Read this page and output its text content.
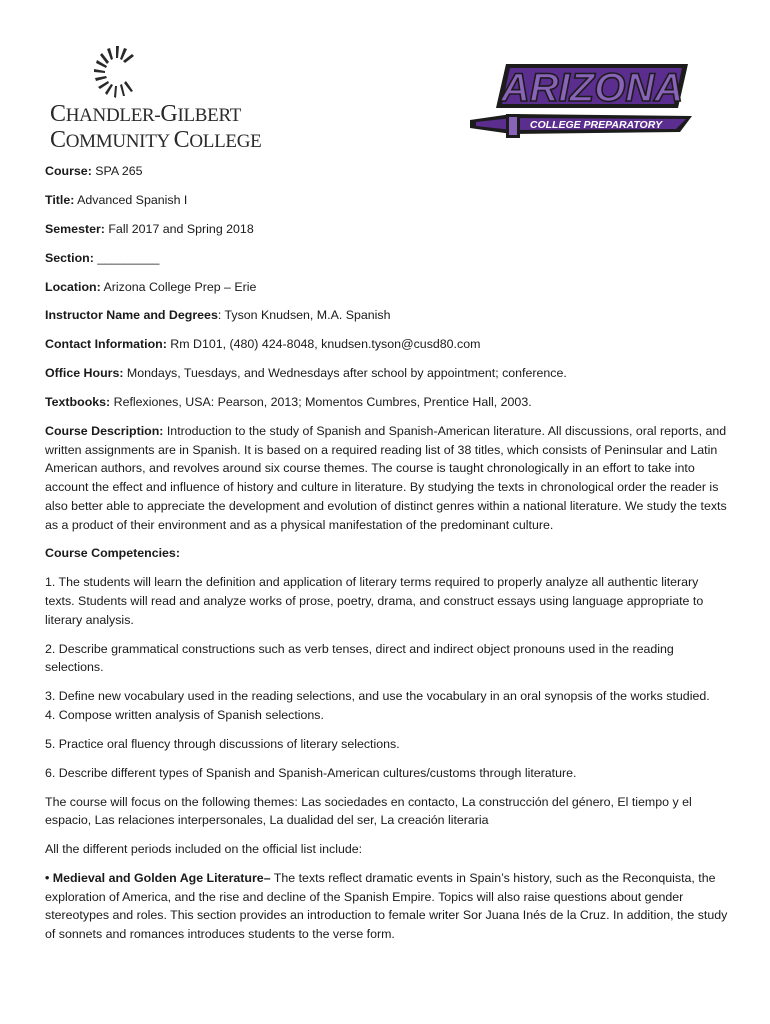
CHANDLER-GILBERT
COMMUNITY COLLEGE
ARIZONA
COLLEGE PREPARATORY
Course: SPA 265
Title: Advanced Spanish I
Semester: Fall 2017 and Spring 2018
Section: _________
Location: Arizona College Prep – Erie
Instructor Name and Degrees: Tyson Knudsen, M.A. Spanish
Contact Information: Rm D101, (480) 424-8048, knudsen.tyson@cusd80.com
Office Hours: Mondays, Tuesdays, and Wednesdays after school by appointment; conference.
Textbooks: Reflexiones, USA: Pearson, 2013; Momentos Cumbres, Prentice Hall, 2003.
Course Description: Introduction to the study of Spanish and Spanish-American literature. All discussions, oral reports, and written assignments are in Spanish. It is based on a required reading list of 38 titles, which consists of Peninsular and Latin American authors, and revolves around six course themes. The course is taught chronologically in an effort to take into account the effect and influence of history and culture in literature. By studying the texts in chronological order the reader is also better able to appreciate the development and evolution of distinct genres within a national literature. We study the texts as a product of their environment and as a physical manifestation of the predominant culture.
Course Competencies:
1. The students will learn the definition and application of literary terms required to properly analyze all authentic literary texts. Students will read and analyze works of prose, poetry, drama, and construct essays using language appropriate to literary analysis.
2. Describe grammatical constructions such as verb tenses, direct and indirect object pronouns used in the reading selections.
3. Define new vocabulary used in the reading selections, and use the vocabulary in an oral synopsis of the works studied.
4. Compose written analysis of Spanish selections.
5. Practice oral fluency through discussions of literary selections.
6. Describe different types of Spanish and Spanish-American cultures/customs through literature.
The course will focus on the following themes: Las sociedades en contacto, La construcción del género, El tiempo y el espacio, Las relaciones interpersonales, La dualidad del ser, La creación literaria
All the different periods included on the official list include:
• Medieval and Golden Age Literature– The texts reflect dramatic events in Spain’s history, such as the Reconquista, the exploration of America, and the rise and decline of the Spanish Empire. Topics will also raise questions about gender stereotypes and roles. This section provides an introduction to female writer Sor Juana Inés de la Cruz. In addition, the study of sonnets and romances introduces students to the verse form.
